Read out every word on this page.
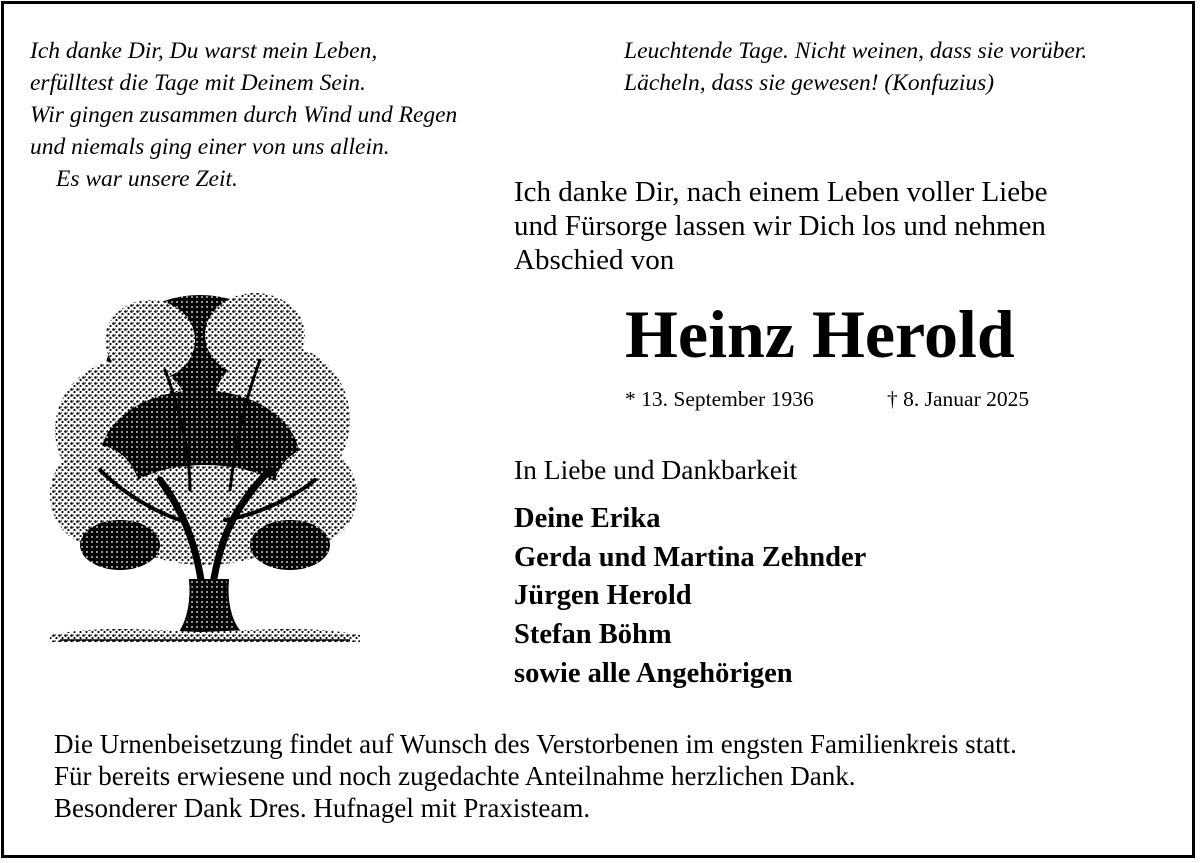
Ich danke Dir, Du warst mein Leben,
erfülltest die Tage mit Deinem Sein.
Wir gingen zusammen durch Wind und Regen
und niemals ging einer von uns allein.
Es war unsere Zeit.
Leuchtende Tage. Nicht weinen, dass sie vorüber.
Lächeln, dass sie gewesen! (Konfuzius)
Ich danke Dir, nach einem Leben voller Liebe
und Fürsorge lassen wir Dich los und nehmen
Abschied von
Heinz Herold
* 13. September 1936	† 8. Januar 2025
In Liebe und Dankbarkeit
Deine Erika
Gerda und Martina Zehnder
Jürgen Herold
Stefan Böhm
sowie alle Angehörigen
Die Urnenbeisetzung findet auf Wunsch des Verstorbenen im engsten Familienkreis statt.
Für bereits erwiesene und noch zugedachte Anteilnahme herzlichen Dank.
Besonderer Dank Dres. Hufnagel mit Praxisteam.
